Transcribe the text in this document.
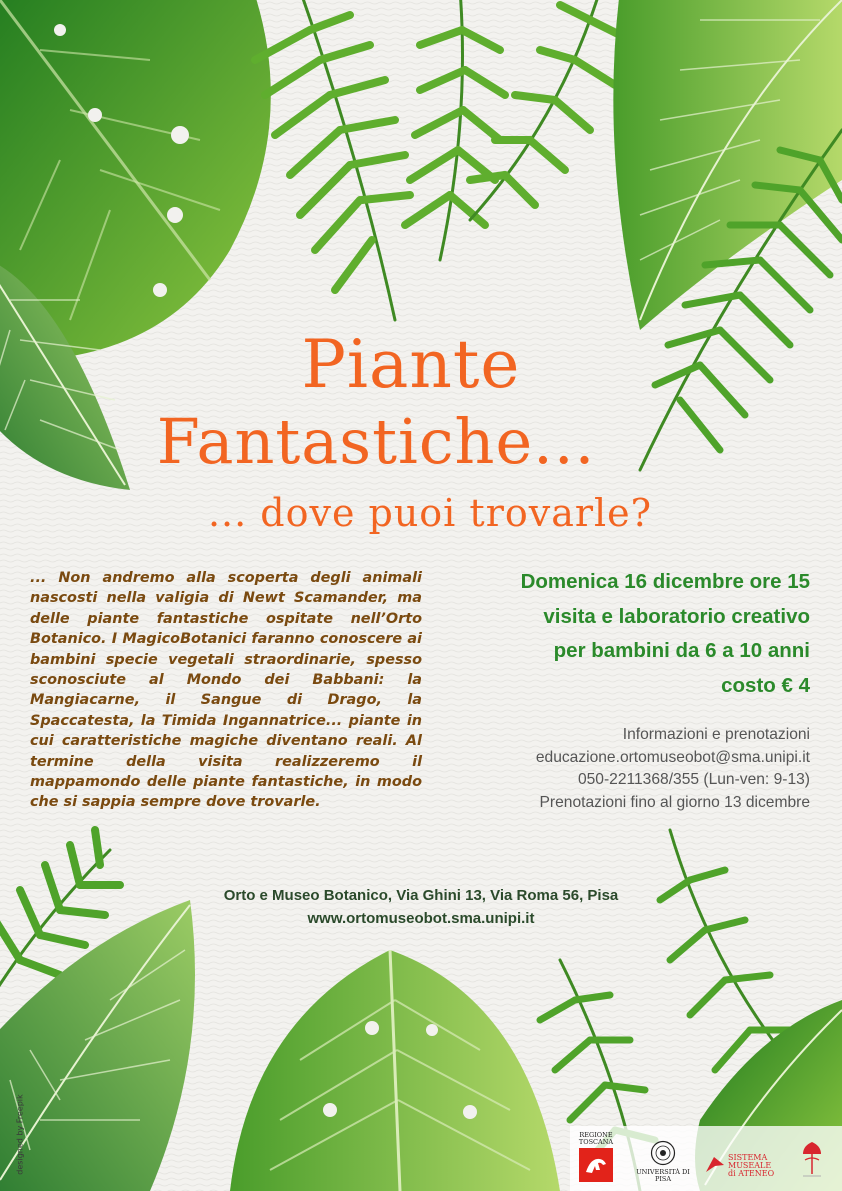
Piante
Fantastiche...
... dove puoi trovarle?

... Non andremo alla scoperta degli animali nascosti nella valigia di Newt Scamander, ma delle piante fantastiche ospitate nell’Orto Botanico. I MagicoBotanici faranno conoscere ai bambini specie vegetali straordinarie, spesso sconosciute al Mondo dei Babbani: la Mangiacarne, il Sangue di Drago, la Spaccatesta, la Timida Ingannatrice... piante in cui caratteristiche magiche diventano reali. Al termine della visita realizzeremo il mappamondo delle piante fantastiche, in modo che si sappia sempre dove trovarle.

Domenica 16 dicembre ore 15
visita e laboratorio creativo
per bambini da 6 a 10 anni
costo € 4
Informazioni e prenotazioni
educazione.ortomuseobot@sma.unipi.it
050-2211368/355 (Lun-ven: 9-13)
Prenotazioni fino al giorno 13 dicembre
Orto e Museo Botanico, Via Ghini 13, Via Roma 56, Pisa
www.ortomuseobot.sma.unipi.it
designed by Freepik	REGIONE
TOSCANA
UNIVERSITÀ DI PISA
SISTEMA
MUSEALE
di ATENEO
